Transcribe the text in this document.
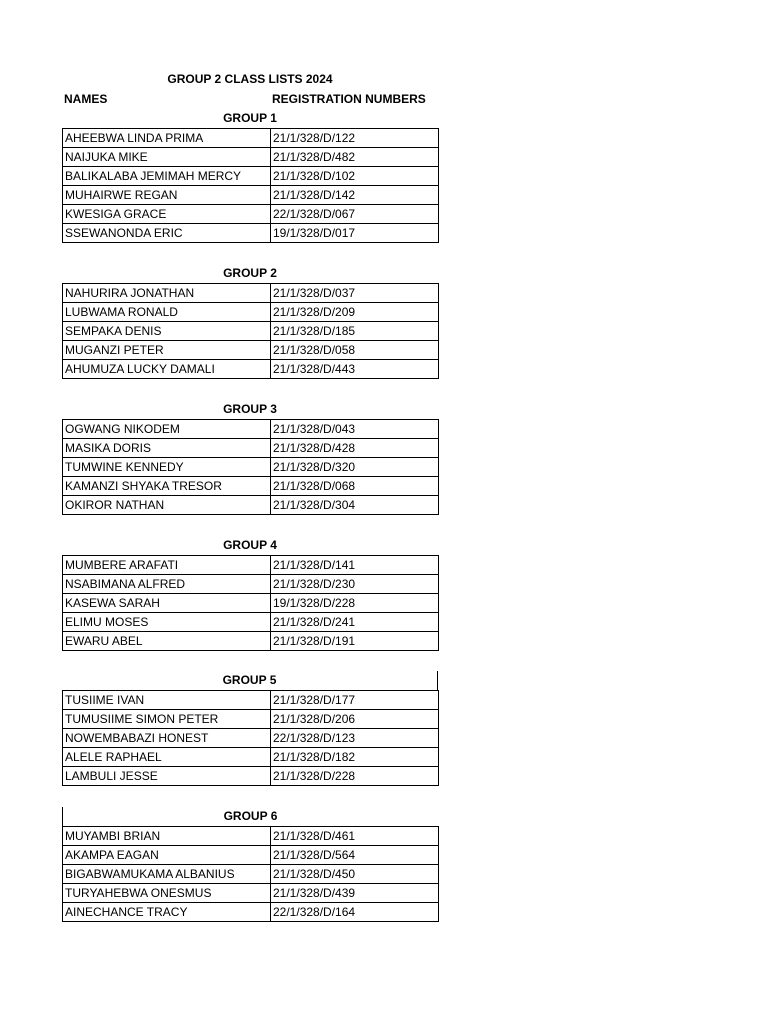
GROUP 2 CLASS LISTS 2024
NAMES	REGISTRATION NUMBERS
GROUP 1
AHEEBWA LINDA PRIMA	21/1/328/D/122
NAIJUKA MIKE	21/1/328/D/482
BALIKALABA JEMIMAH MERCY	21/1/328/D/102
MUHAIRWE REGAN	21/1/328/D/142
KWESIGA GRACE	22/1/328/D/067
SSEWANONDA ERIC	19/1/328/D/017
GROUP 2
NAHURIRA JONATHAN	21/1/328/D/037
LUBWAMA RONALD	21/1/328/D/209
SEMPAKA DENIS	21/1/328/D/185
MUGANZI PETER	21/1/328/D/058
AHUMUZA LUCKY DAMALI	21/1/328/D/443
GROUP 3
OGWANG NIKODEM	21/1/328/D/043
MASIKA DORIS	21/1/328/D/428
TUMWINE KENNEDY	21/1/328/D/320
KAMANZI SHYAKA TRESOR	21/1/328/D/068
OKIROR NATHAN	21/1/328/D/304
GROUP 4
MUMBERE ARAFATI	21/1/328/D/141
NSABIMANA ALFRED	21/1/328/D/230
KASEWA SARAH	19/1/328/D/228
ELIMU MOSES	21/1/328/D/241
EWARU ABEL	21/1/328/D/191
GROUP 5
TUSIIME IVAN	21/1/328/D/177
TUMUSIIME SIMON PETER	21/1/328/D/206
NOWEMBABAZI HONEST	22/1/328/D/123
ALELE RAPHAEL	21/1/328/D/182
LAMBULI JESSE	21/1/328/D/228
GROUP 6
MUYAMBI BRIAN	21/1/328/D/461
AKAMPA EAGAN	21/1/328/D/564
BIGABWAMUKAMA ALBANIUS	21/1/328/D/450
TURYAHEBWA ONESMUS	21/1/328/D/439
AINECHANCE TRACY	22/1/328/D/164
